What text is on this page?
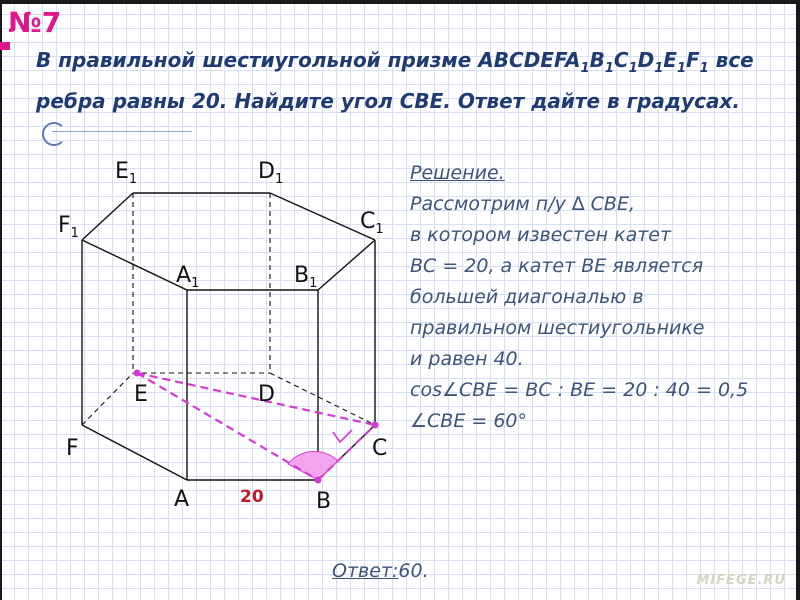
№7
В правильной шестиугольной призме $ABCDEFA_1B_1C_1D_1E_1F_1$ все
ребра равны 20. Найдите угол CBE. Ответ дайте в градусах.
$E_1$	$D_1$
$F_1$	$C_1$
$A_1$	$B_1$
E	D
F	C
A	B
20
Решение.
Рассмотрим п/у ∆ CBE,
в котором известен катет
BC = 20, а катет BE является
большей диагональю в
правильном шестиугольнике
и равен 40.
cos∠CBE = BC : BE = 20 : 40 = 0,5
∠CBE = 60°
Ответ:60.	MIFEGE.RU
